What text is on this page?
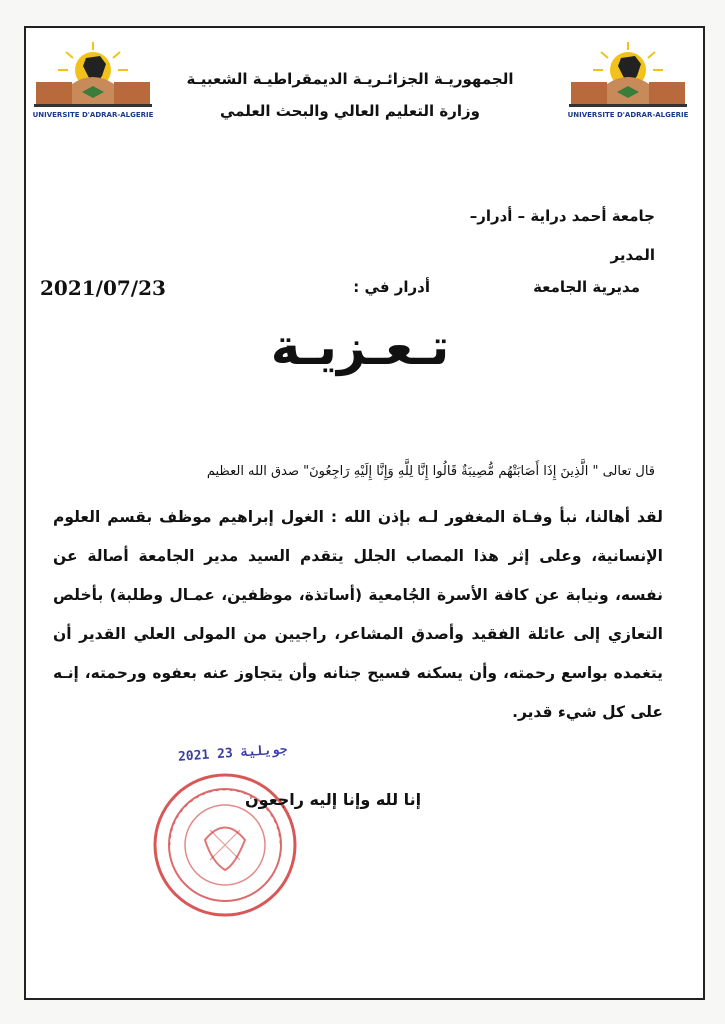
UNIVERSITE D'ADRAR-ALGERIE	UNIVERSITE D'ADRAR-ALGERIE
الجمهوريـة الجزائـريـة الديمقراطيـة الشعبيـة
وزارة التعليم العالي والبحث العلمي
جامعة أحمد دراية – أدرار–
المدير
مديرية الجامعة
أدرار في :
2021/07/23
تـعـزيـة
قال تعالى " الَّذِينَ إِذَا أَصَابَتْهُم مُّصِيبَةٌ قَالُوا إِنَّا لِلَّهِ وَإِنَّا إِلَيْهِ رَاجِعُونَ" صدق الله العظيم
لقد أهالنا، نبأ وفـاة المغفور لـه بإذن الله : الغول إبراهيم موظف بقسم العلوم الإنسانية، وعلى إثر هذا المصاب الجلل يتقدم السيد مدير الجامعة أصالة عن نفسه، ونيابة عن كافة الأسرة الجُامعية (أساتذة، موظفين، عمـال وطلبة) بأخلص التعازي إلى عائلة الفقيد وأصدق المشاعر، راجيين من المولى العلي القدير أن يتغمده بواسع رحمته، وأن يسكنه فسيح جنانه وأن يتجاوز عنه بعفوه ورحمته، إنـه على كل شيء قدير.
2021 جويلية 23
إنا لله وإنا إليه راجعون
